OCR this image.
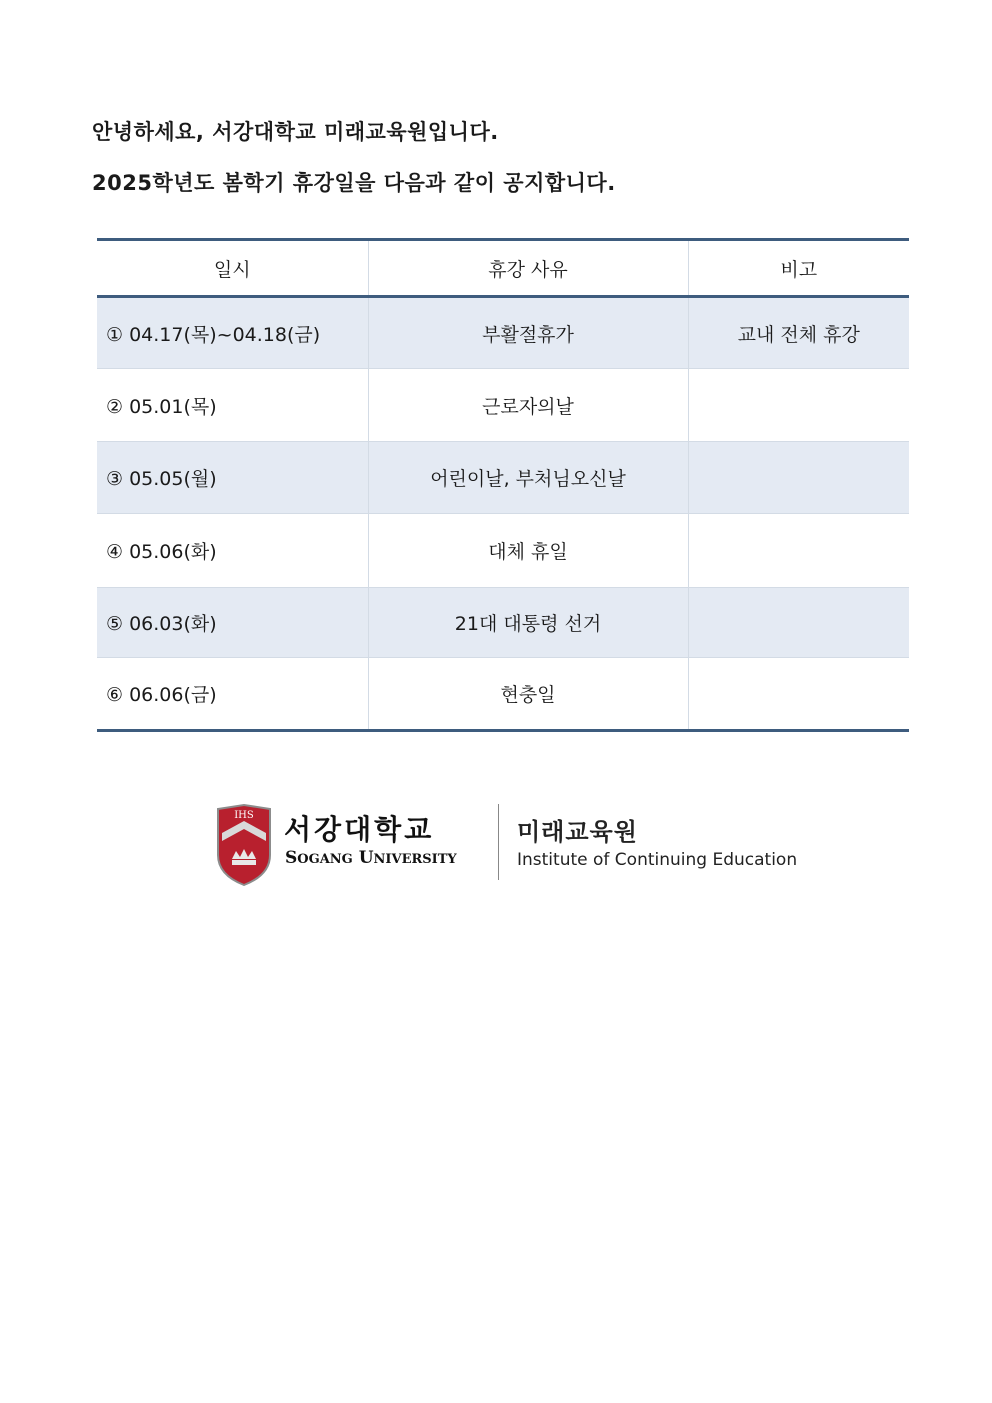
안녕하세요, 서강대학교 미래교육원입니다.
2025학년도 봄학기 휴강일을 다음과 같이 공지합니다.
일시	휴강 사유	비고
① 04.17(목)~04.18(금)	부활절휴가	교내 전체 휴강
② 05.01(목)	근로자의날	
③ 05.05(월)	어린이날, 부처님오신날	
④ 05.06(화)	대체 휴일	
⑤ 06.03(화)	21대 대통령 선거	
⑥ 06.06(금)	현충일	
IHS 서강대학교
SOGANG UNIVERSITY
미래교육원
Institute of Continuing Education
